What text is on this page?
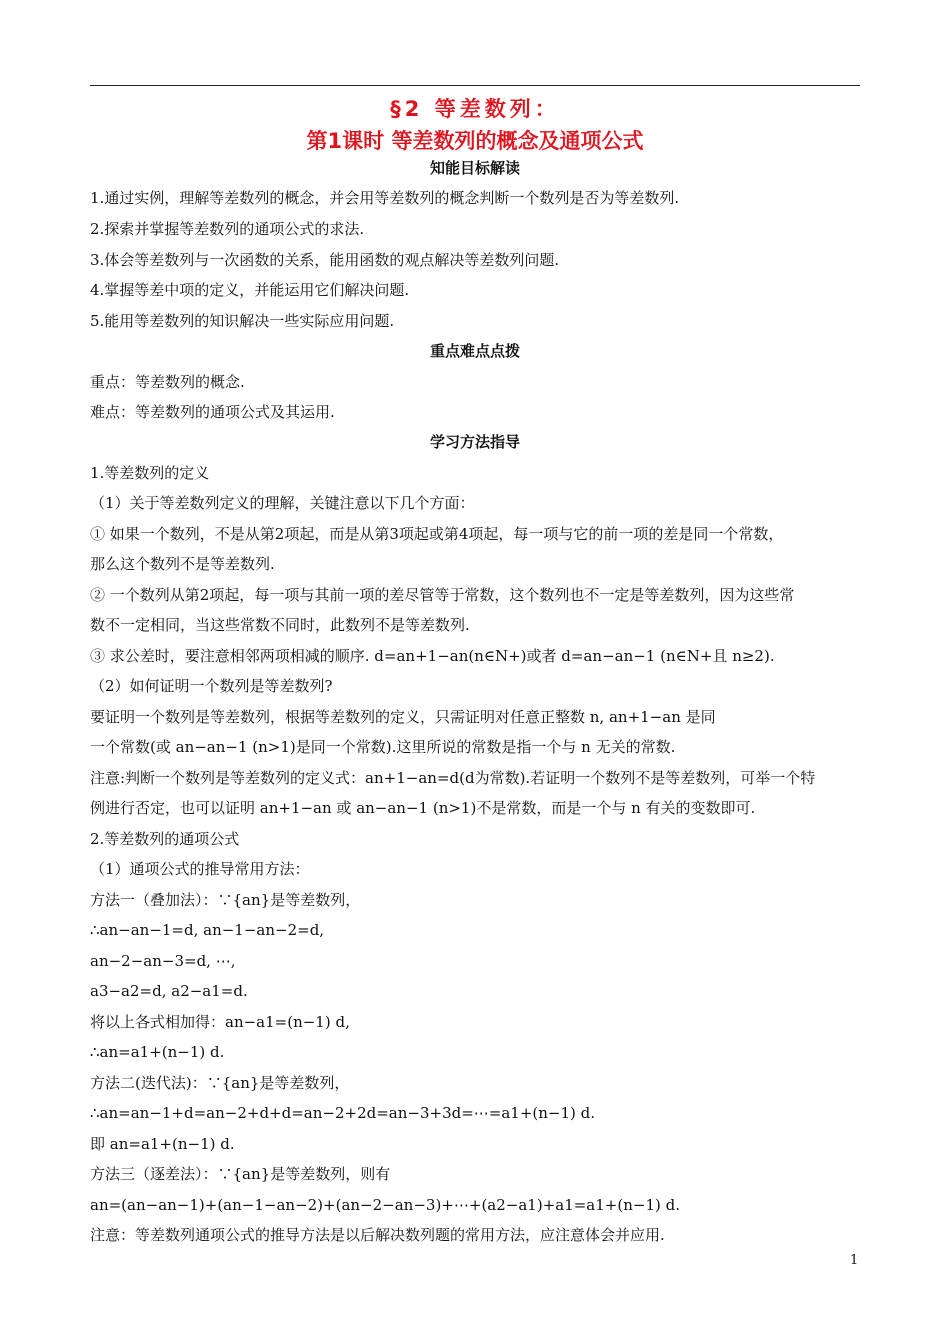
§2 等差数列：
第1课时 等差数列的概念及通项公式
知能目标解读
1.通过实例，理解等差数列的概念，并会用等差数列的概念判断一个数列是否为等差数列.
2.探索并掌握等差数列的通项公式的求法.
3.体会等差数列与一次函数的关系，能用函数的观点解决等差数列问题.
4.掌握等差中项的定义，并能运用它们解决问题.
5.能用等差数列的知识解决一些实际应用问题.
重点难点点拨
重点：等差数列的概念.
难点：等差数列的通项公式及其运用.
学习方法指导
1.等差数列的定义
（1）关于等差数列定义的理解，关键注意以下几个方面：
① 如果一个数列，不是从第2项起，而是从第3项起或第4项起，每一项与它的前一项的差是同一个常数，
那么这个数列不是等差数列.
② 一个数列从第2项起，每一项与其前一项的差尽管等于常数，这个数列也不一定是等差数列，因为这些常
数不一定相同，当这些常数不同时，此数列不是等差数列.
③ 求公差时，要注意相邻两项相减的顺序. d=an+1−an(n∈N+)或者 d=an−an−1 (n∈N+且 n≥2).
（2）如何证明一个数列是等差数列?
要证明一个数列是等差数列，根据等差数列的定义，只需证明对任意正整数 n, an+1−an 是同
一个常数(或 an−an−1 (n>1)是同一个常数).这里所说的常数是指一个与 n 无关的常数.
注意:判断一个数列是等差数列的定义式：an+1−an=d(d为常数).若证明一个数列不是等差数列，可举一个特
例进行否定，也可以证明 an+1−an 或 an−an−1 (n>1)不是常数，而是一个与 n 有关的变数即可.
2.等差数列的通项公式
（1）通项公式的推导常用方法：
方法一（叠加法）：∵{an}是等差数列，
∴an−an−1=d, an−1−an−2=d,
an−2−an−3=d, ⋯,
a3−a2=d, a2−a1=d.
将以上各式相加得：an−a1=(n−1) d,
∴an=a1+(n−1) d.
方法二(迭代法)：∵{an}是等差数列，
∴an=an−1+d=an−2+d+d=an−2+2d=an−3+3d=⋯=a1+(n−1) d.
即 an=a1+(n−1) d.
方法三（逐差法）：∵{an}是等差数列，则有
an=(an−an−1)+(an−1−an−2)+(an−2−an−3)+⋯+(a2−a1)+a1=a1+(n−1) d.
注意：等差数列通项公式的推导方法是以后解决数列题的常用方法，应注意体会并应用.
1
